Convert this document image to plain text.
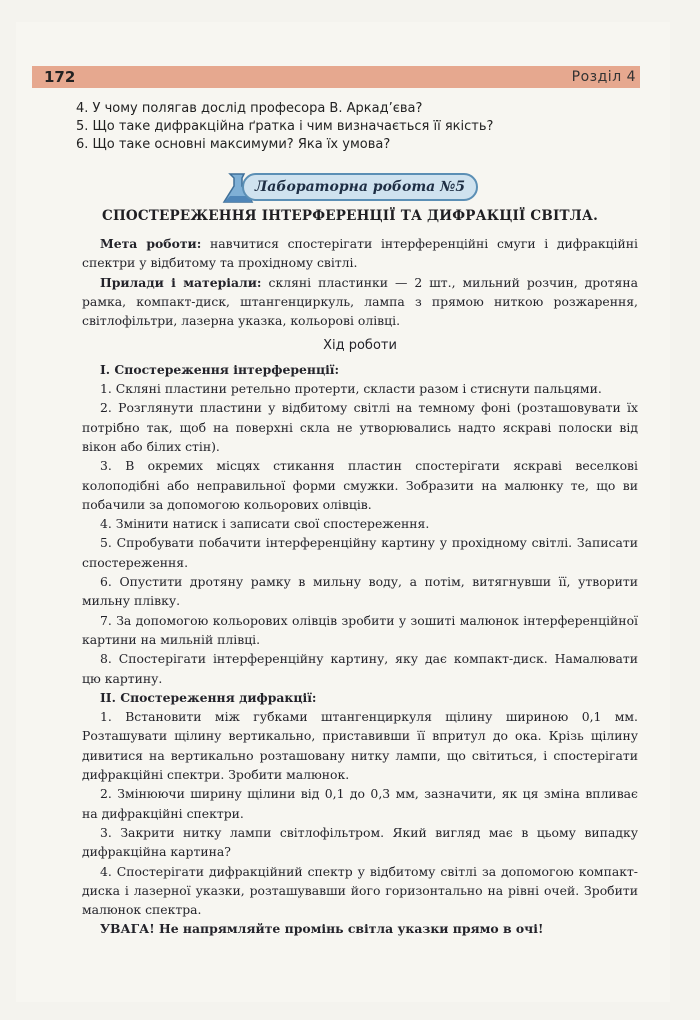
172	Розділ 4
4. У чому полягав дослід професора В. Аркад’єва?
5. Що таке дифракційна ґратка і чим визначається її якість?
6. Що таке основні максимуми? Яка їх умова?
Лабораторна робота №5
СПОСТЕРЕЖЕННЯ ІНТЕРФЕРЕНЦІЇ ТА ДИФРАКЦІЇ СВІТЛА.

Мета роботи: навчитися спостерігати інтерференційні смуги і дифракційні спектри у відбитому та прохідному світлі.

Прилади і матеріали: скляні пластинки — 2 шт., мильний розчин, дротяна рамка, компакт-диск, штангенциркуль, лампа з прямою ниткою розжарення, світлофільтри, лазерна указка, кольорові олівці.

Хід роботи

І. Спостереження інтерференції:

1. Скляні пластини ретельно протерти, скласти разом і стиснути пальцями.

2. Розглянути пластини у відбитому світлі на темному фоні (розташовувати їх потрібно так, щоб на поверхні скла не утворювались надто яскраві полоски від вікон або білих стін).

3. В окремих місцях стикання пластин спостерігати яскраві веселкові колоподібні або неправильної форми смужки. Зобразити на малюнку те, що ви побачили за допомогою кольорових олівців.

4. Змінити натиск і записати свої спостереження.

5. Спробувати побачити інтерференційну картину у прохідному світлі. Записати спостереження.

6. Опустити дротяну рамку в мильну воду, а потім, витягнувши її, утворити мильну плівку.

7. За допомогою кольорових олівців зробити у зошиті малюнок інтерференційної картини на мильній плівці.

8. Спостерігати інтерференційну картину, яку дає компакт-диск. Намалювати цю картину.

ІІ. Спостереження дифракції:

1. Встановити між губками штангенциркуля щілину шириною 0,1 мм. Розташувати щілину вертикально, приставивши її впритул до ока. Крізь щілину дивитися на вертикально розташовану нитку лампи, що світиться, і спостерігати дифракційні спектри. Зробити малюнок.

2. Змінюючи ширину щілини від 0,1 до 0,3 мм, зазначити, як ця зміна впливає на дифракційні спектри.

3. Закрити нитку лампи світлофільтром. Який вигляд має в цьому випадку дифракційна картина?

4. Спостерігати дифракційний спектр у відбитому світлі за допомогою компакт-диска і лазерної указки, розташувавши його горизонтально на рівні очей. Зробити малюнок спектра.

УВАГА! Не напрямляйте промінь світла указки прямо в очі!
